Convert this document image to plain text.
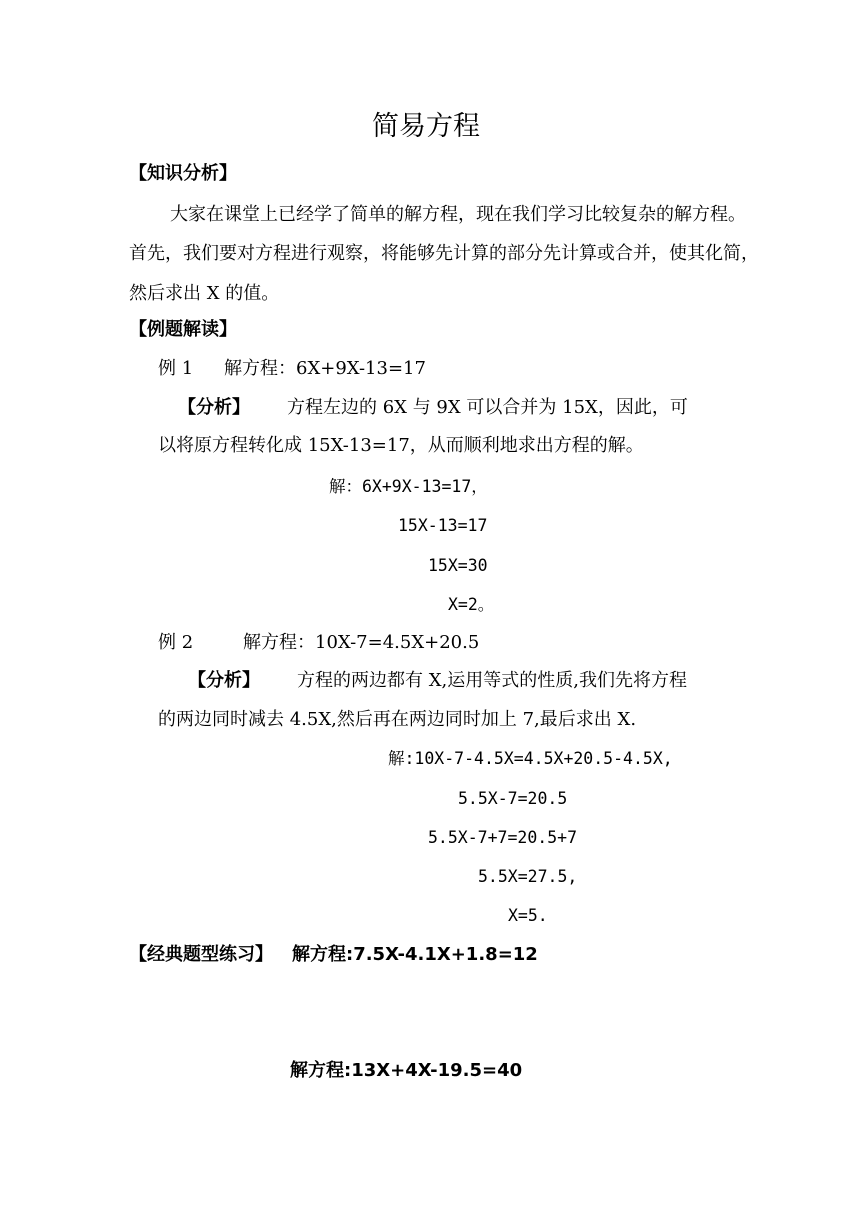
简易方程
【知识分析】
大家在课堂上已经学了简单的解方程，现在我们学习比较复杂的解方程。
首先，我们要对方程进行观察，将能够先计算的部分先计算或合并，使其化简，
然后求出 X 的值。
【例题解读】
例 1 解方程：6X+9X-13=17
【分析】 方程左边的 6X 与 9X 可以合并为 15X，因此，可
以将原方程转化成 15X-13=17，从而顺利地求出方程的解。
解：6X+9X-13=17，
15X-13=17
15X=30
X=2。
例 2	解方程：10X-7=4.5X+20.5
【分析】 方程的两边都有 X,运用等式的性质,我们先将方程
的两边同时减去 4.5X,然后再在两边同时加上 7,最后求出 X.
解:10X-7-4.5X=4.5X+20.5-4.5X,
5.5X-7=20.5
5.5X-7+7=20.5+7
5.5X=27.5,
X=5.
【经典题型练习】 解方程:7.5X-4.1X+1.8=12
解方程:13X+4X-19.5=40
